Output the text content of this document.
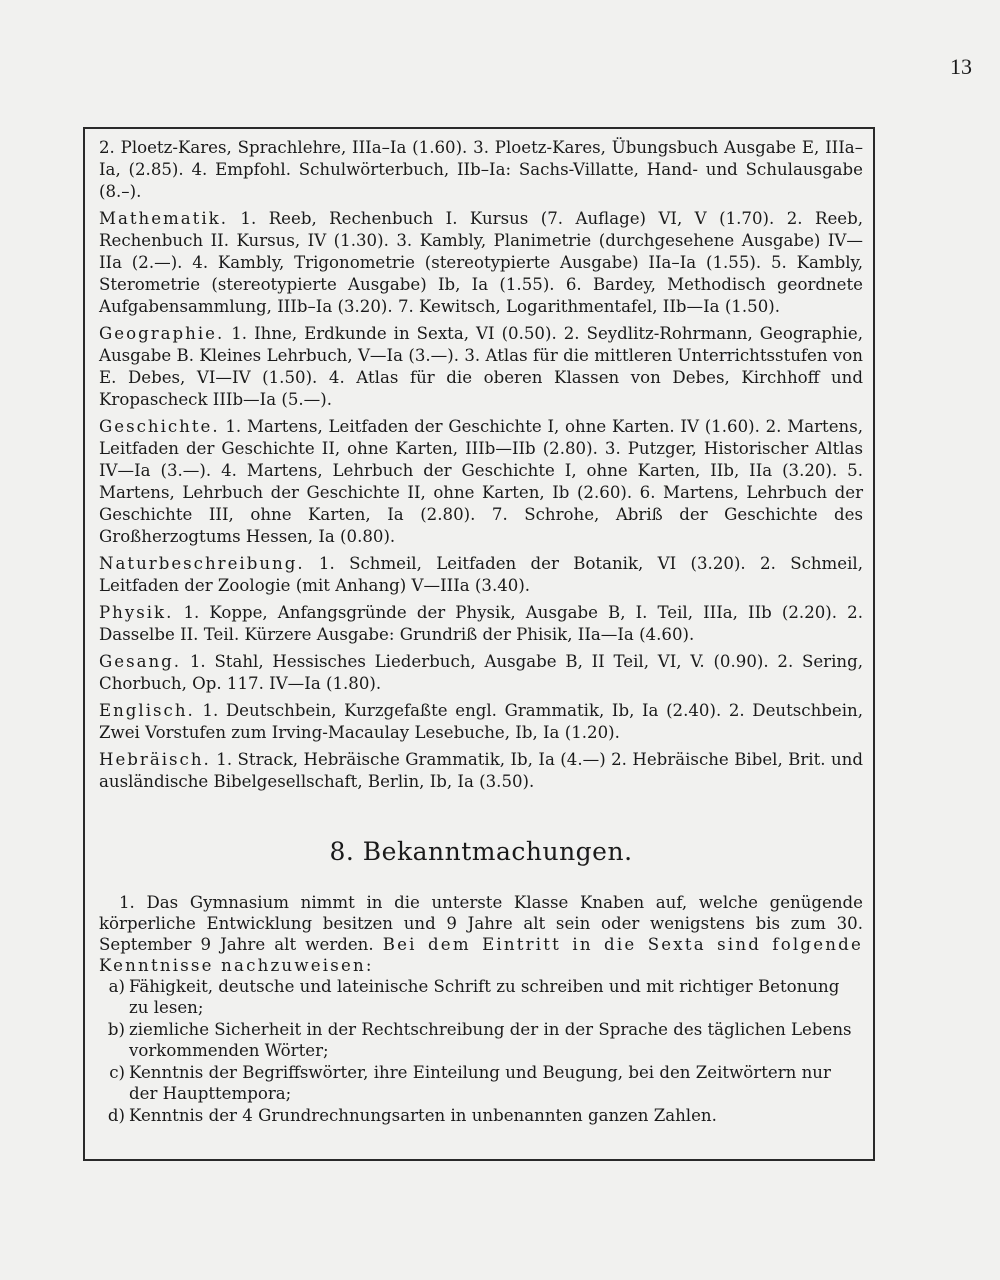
13

2. Ploetz-Kares, Sprachlehre, IIIa–Ia (1.60). 3. Ploetz-Kares, Übungsbuch Ausgabe E, IIIa–Ia, (2.85). 4. Empfohl. Schulwörterbuch, IIb–Ia: Sachs-Villatte, Hand- und Schulausgabe (8.–).

Mathematik. 1. Reeb, Rechenbuch I. Kursus (7. Auflage) VI, V (1.70). 2. Reeb, Rechenbuch II. Kursus, IV (1.30). 3. Kambly, Planimetrie (durchgesehene Ausgabe) IV—IIa (2.—). 4. Kambly, Trigonometrie (stereotypierte Ausgabe) IIa–Ia (1.55). 5. Kambly, Sterometrie (stereotypierte Ausgabe) Ib, Ia (1.55). 6. Bardey, Methodisch geordnete Aufgabensammlung, IIIb–Ia (3.20). 7. Kewitsch, Logarithmentafel, IIb—Ia (1.50).

Geographie. 1. Ihne, Erdkunde in Sexta, VI (0.50). 2. Seydlitz-Rohrmann, Geographie, Ausgabe B. Kleines Lehrbuch, V—Ia (3.—). 3. Atlas für die mittleren Unterrichtsstufen von E. Debes, VI—IV (1.50). 4. Atlas für die oberen Klassen von Debes, Kirchhoff und Kropascheck IIIb—Ia (5.—).

Geschichte. 1. Martens, Leitfaden der Geschichte I, ohne Karten. IV (1.60). 2. Martens, Leitfaden der Geschichte II, ohne Karten, IIIb—IIb (2.80). 3. Putzger, Historischer Altlas IV—Ia (3.—). 4. Martens, Lehrbuch der Geschichte I, ohne Karten, IIb, IIa (3.20). 5. Martens, Lehrbuch der Geschichte II, ohne Karten, Ib (2.60). 6. Martens, Lehrbuch der Geschichte III, ohne Karten, Ia (2.80). 7. Schrohe, Abriß der Geschichte des Großherzogtums Hessen, Ia (0.80).

Naturbeschreibung. 1. Schmeil, Leitfaden der Botanik, VI (3.20). 2. Schmeil, Leitfaden der Zoologie (mit Anhang) V—IIIa (3.40).

Physik. 1. Koppe, Anfangsgründe der Physik, Ausgabe B, I. Teil, IIIa, IIb (2.20). 2. Dasselbe II. Teil. Kürzere Ausgabe: Grundriß der Phisik, IIa—Ia (4.60).

Gesang. 1. Stahl, Hessisches Liederbuch, Ausgabe B, II Teil, VI, V. (0.90). 2. Sering, Chorbuch, Op. 117. IV—Ia (1.80).

Englisch. 1. Deutschbein, Kurzgefaßte engl. Grammatik, Ib, Ia (2.40). 2. Deutschbein, Zwei Vorstufen zum Irving-Macaulay Lesebuche, Ib, Ia (1.20).

Hebräisch. 1. Strack, Hebräische Grammatik, Ib, Ia (4.—) 2. Hebräische Bibel, Brit. und ausländische Bibelgesellschaft, Berlin, Ib, Ia (3.50).

8. Bekanntmachungen.

1. Das Gymnasium nimmt in die unterste Klasse Knaben auf, welche genügende körperliche Entwicklung besitzen und 9 Jahre alt sein oder wenigstens bis zum 30. September 9 Jahre alt werden. Bei dem Eintritt in die Sexta sind folgende Kenntnisse nachzuweisen:

a) Fähigkeit, deutsche und lateinische Schrift zu schreiben und mit richtiger Betonung zu lesen;
b) ziemliche Sicherheit in der Rechtschreibung der in der Sprache des täglichen Lebens vorkommenden Wörter;
c) Kenntnis der Begriffswörter, ihre Einteilung und Beugung, bei den Zeitwörtern nur der Haupttempora;
d) Kenntnis der 4 Grundrechnungsarten in unbenannten ganzen Zahlen.
